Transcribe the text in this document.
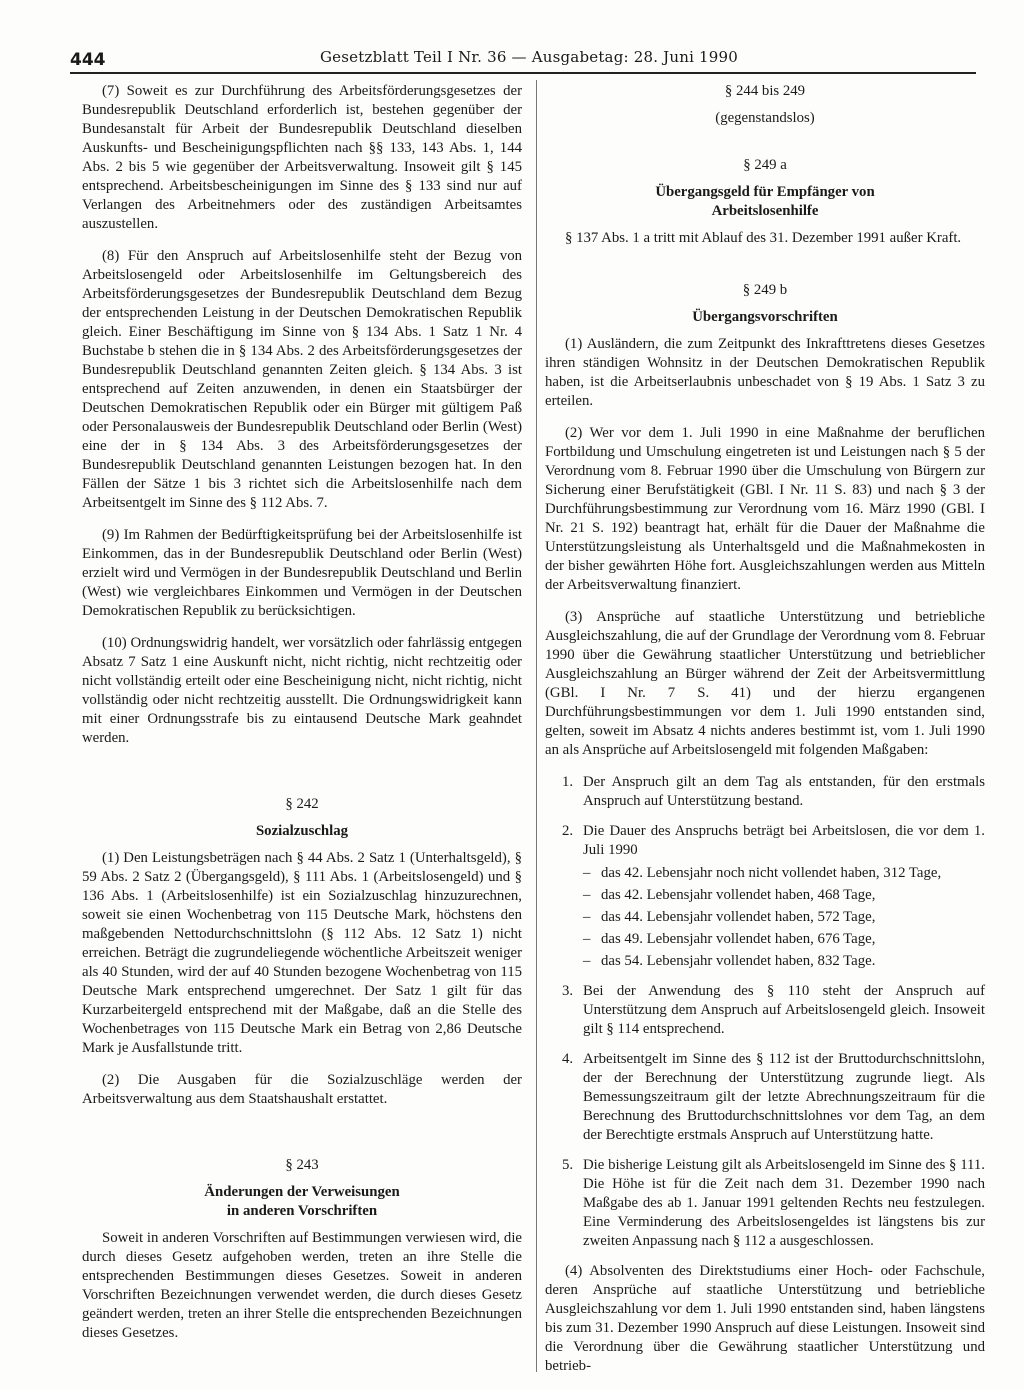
444	Gesetzblatt Teil I Nr. 36 — Ausgabetag: 28. Juni 1990

(7) Soweit es zur Durchführung des Arbeitsförderungsgesetzes der Bundesrepublik Deutschland erforderlich ist, bestehen gegenüber der Bundesanstalt für Arbeit der Bundesrepublik Deutschland dieselben Auskunfts- und Bescheinigungspflichten nach §§ 133, 143 Abs. 1, 144 Abs. 2 bis 5 wie gegenüber der Arbeitsverwaltung. Insoweit gilt § 145 entsprechend. Arbeitsbescheinigungen im Sinne des § 133 sind nur auf Verlangen des Arbeitnehmers oder des zuständigen Arbeitsamtes auszustellen.

(8) Für den Anspruch auf Arbeitslosenhilfe steht der Bezug von Arbeitslosengeld oder Arbeitslosenhilfe im Geltungsbereich des Arbeitsförderungsgesetzes der Bundesrepublik Deutschland dem Bezug der entsprechenden Leistung in der Deutschen Demokratischen Republik gleich. Einer Beschäftigung im Sinne von § 134 Abs. 1 Satz 1 Nr. 4 Buchstabe b stehen die in § 134 Abs. 2 des Arbeitsförderungsgesetzes der Bundesrepublik Deutschland genannten Zeiten gleich. § 134 Abs. 3 ist entsprechend auf Zeiten anzuwenden, in denen ein Staatsbürger der Deutschen Demokratischen Republik oder ein Bürger mit gültigem Paß oder Personalausweis der Bundesrepublik Deutschland oder Berlin (West) eine der in § 134 Abs. 3 des Arbeitsförderungsgesetzes der Bundesrepublik Deutschland genannten Leistungen bezogen hat. In den Fällen der Sätze 1 bis 3 richtet sich die Arbeitslosenhilfe nach dem Arbeitsentgelt im Sinne des § 112 Abs. 7.

(9) Im Rahmen der Bedürftigkeitsprüfung bei der Arbeitslosenhilfe ist Einkommen, das in der Bundesrepublik Deutschland oder Berlin (West) erzielt wird und Vermögen in der Bundesrepublik Deutschland und Berlin (West) wie vergleichbares Einkommen und Vermögen in der Deutschen Demokratischen Republik zu berücksichtigen.

(10) Ordnungswidrig handelt, wer vorsätzlich oder fahrlässig entgegen Absatz 7 Satz 1 eine Auskunft nicht, nicht richtig, nicht rechtzeitig oder nicht vollständig erteilt oder eine Bescheinigung nicht, nicht richtig, nicht vollständig oder nicht rechtzeitig ausstellt. Die Ordnungswidrigkeit kann mit einer Ordnungsstrafe bis zu eintausend Deutsche Mark geahndet werden.

§ 242
Sozialzuschlag

(1) Den Leistungsbeträgen nach § 44 Abs. 2 Satz 1 (Unterhaltsgeld), § 59 Abs. 2 Satz 2 (Übergangsgeld), § 111 Abs. 1 (Arbeitslosengeld) und § 136 Abs. 1 (Arbeitslosenhilfe) ist ein Sozialzuschlag hinzuzurechnen, soweit sie einen Wochenbetrag von 115 Deutsche Mark, höchstens den maßgebenden Nettodurchschnittslohn (§ 112 Abs. 12 Satz 1) nicht erreichen. Beträgt die zugrundeliegende wöchentliche Arbeitszeit weniger als 40 Stunden, wird der auf 40 Stunden bezogene Wochenbetrag von 115 Deutsche Mark entsprechend umgerechnet. Der Satz 1 gilt für das Kurzarbeitergeld entsprechend mit der Maßgabe, daß an die Stelle des Wochenbetrages von 115 Deutsche Mark ein Betrag von 2,86 Deutsche Mark je Ausfallstunde tritt.

(2) Die Ausgaben für die Sozialzuschläge werden der Arbeitsverwaltung aus dem Staatshaushalt erstattet.

§ 243
Änderungen der Verweisungen
in anderen Vorschriften

Soweit in anderen Vorschriften auf Bestimmungen verwiesen wird, die durch dieses Gesetz aufgehoben werden, treten an ihre Stelle die entsprechenden Bestimmungen dieses Gesetzes. Soweit in anderen Vorschriften Bezeichnungen verwendet werden, die durch dieses Gesetz geändert werden, treten an ihrer Stelle die entsprechenden Bezeichnungen dieses Gesetzes.

§ 244 bis 249
(gegenstandslos)
§ 249 a
Übergangsgeld für Empfänger von
Arbeitslosenhilfe

§ 137 Abs. 1 a tritt mit Ablauf des 31. Dezember 1991 außer Kraft.

§ 249 b
Übergangsvorschriften

(1) Ausländern, die zum Zeitpunkt des Inkrafttretens dieses Gesetzes ihren ständigen Wohnsitz in der Deutschen Demokratischen Republik haben, ist die Arbeitserlaubnis unbeschadet von § 19 Abs. 1 Satz 3 zu erteilen.

(2) Wer vor dem 1. Juli 1990 in eine Maßnahme der beruflichen Fortbildung und Umschulung eingetreten ist und Leistungen nach § 5 der Verordnung vom 8. Februar 1990 über die Umschulung von Bürgern zur Sicherung einer Berufstätigkeit (GBl. I Nr. 11 S. 83) und nach § 3 der Durchführungsbestimmung zur Verordnung vom 16. März 1990 (GBl. I Nr. 21 S. 192) beantragt hat, erhält für die Dauer der Maßnahme die Unterstützungsleistung als Unterhaltsgeld und die Maßnahmekosten in der bisher gewährten Höhe fort. Ausgleichszahlungen werden aus Mitteln der Arbeitsverwaltung finanziert.

(3) Ansprüche auf staatliche Unterstützung und betriebliche Ausgleichszahlung, die auf der Grundlage der Verordnung vom 8. Februar 1990 über die Gewährung staatlicher Unterstützung und betrieblicher Ausgleichszahlung an Bürger während der Zeit der Arbeitsvermittlung (GBl. I Nr. 7 S. 41) und der hierzu ergangenen Durchführungsbestimmungen vor dem 1. Juli 1990 entstanden sind, gelten, soweit im Absatz 4 nichts anderes bestimmt ist, vom 1. Juli 1990 an als Ansprüche auf Arbeitslosengeld mit folgenden Maßgaben:

1. Der Anspruch gilt an dem Tag als entstanden, für den erstmals Anspruch auf Unterstützung bestand.
2. Die Dauer des Anspruchs beträgt bei Arbeitslosen, die vor dem 1. Juli 1990
– das 42. Lebensjahr noch nicht vollendet haben, 312 Tage,
– das 42. Lebensjahr vollendet haben, 468 Tage,
– das 44. Lebensjahr vollendet haben, 572 Tage,
– das 49. Lebensjahr vollendet haben, 676 Tage,
– das 54. Lebensjahr vollendet haben, 832 Tage.
3. Bei der Anwendung des § 110 steht der Anspruch auf Unterstützung dem Anspruch auf Arbeitslosengeld gleich. Insoweit gilt § 114 entsprechend.
4. Arbeitsentgelt im Sinne des § 112 ist der Bruttodurchschnittslohn, der der Berechnung der Unterstützung zugrunde liegt. Als Bemessungszeitraum gilt der letzte Abrechnungszeitraum für die Berechnung des Bruttodurchschnittslohnes vor dem Tag, an dem der Berechtigte erstmals Anspruch auf Unterstützung hatte.
5. Die bisherige Leistung gilt als Arbeitslosengeld im Sinne des § 111. Die Höhe ist für die Zeit nach dem 31. Dezember 1990 nach Maßgabe des ab 1. Januar 1991 geltenden Rechts neu festzulegen. Eine Verminderung des Arbeitslosengeldes ist längstens bis zur zweiten Anpassung nach § 112 a ausgeschlossen.

(4) Absolventen des Direktstudiums einer Hoch- oder Fachschule, deren Ansprüche auf staatliche Unterstützung und betriebliche Ausgleichszahlung vor dem 1. Juli 1990 entstanden sind, haben längstens bis zum 31. Dezember 1990 Anspruch auf diese Leistungen. Insoweit sind die Verordnung über die Gewährung staatlicher Unterstützung und betrieb-
